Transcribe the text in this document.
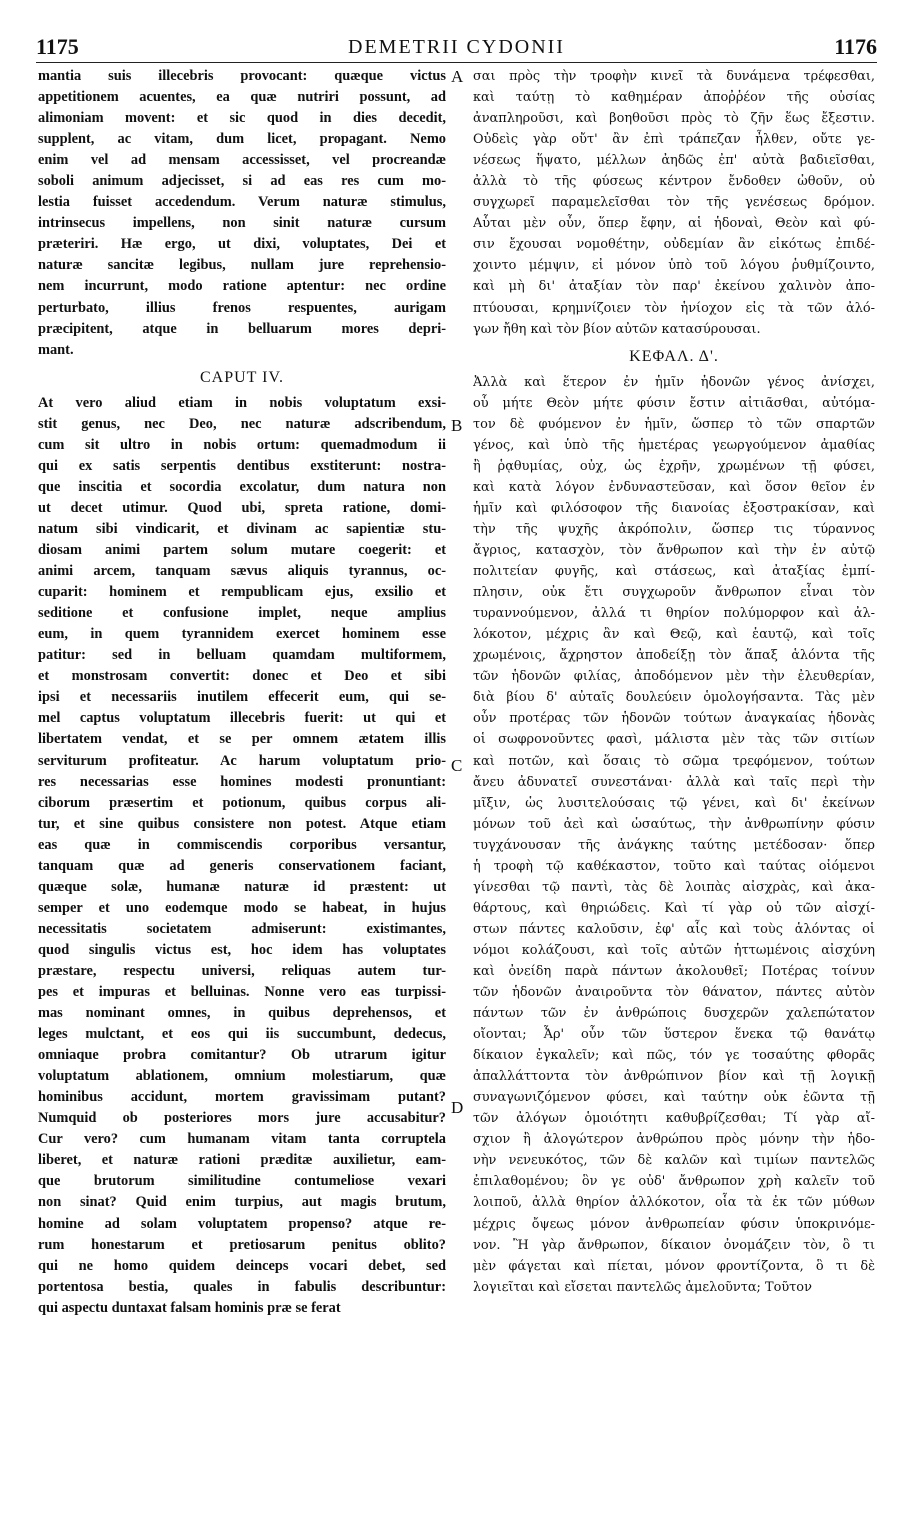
1175	DEMETRII CYDONII	1176
mantia suis illecebris provocant: quæque victus
appetitionem acuentes, ea quæ nutriri possunt, ad
alimoniam movent: et sic quod in dies decedit,
supplent, ac vitam, dum licet, propagant. Nemo
enim vel ad mensam accessisset, vel procreandæ
soboli animum adjecisset, si ad eas res cum mo-
lestia fuisset accedendum. Verum naturæ stimulus,
intrinsecus impellens, non sinit naturæ cursum
præteriri. Hæ ergo, ut dixi, voluptates, Dei et
naturæ sancitæ legibus, nullam jure reprehensio-
nem incurrunt, modo ratione aptentur: nec ordine
perturbato, illius frenos respuentes, aurigam
præcipitent, atque in belluarum mores depri-
mant.
CAPUT IV.
At vero aliud etiam in nobis voluptatum exsi-
stit genus, nec Deo, nec naturæ adscribendum,
cum sit ultro in nobis ortum: quemadmodum ii
qui ex satis serpentis dentibus exstiterunt: nostra-
que inscitia et socordia excolatur, dum natura non
ut decet utimur. Quod ubi, spreta ratione, domi-
natum sibi vindicarit, et divinam ac sapientiæ stu-
diosam animi partem solum mutare coegerit: et
animi arcem, tanquam sævus aliquis tyrannus, oc-
cuparit: hominem et rempublicam ejus, exsilio et
seditione et confusione implet, neque amplius
eum, in quem tyrannidem exercet hominem esse
patitur: sed in belluam quamdam multiformem,
et monstrosam convertit: donec et Deo et sibi
ipsi et necessariis inutilem effecerit eum, qui se-
mel captus voluptatum illecebris fuerit: ut qui et
libertatem vendat, et se per omnem ætatem illis
serviturum profiteatur. Ac harum voluptatum prio-
res necessarias esse homines modesti pronuntiant:
ciborum præsertim et potionum, quibus corpus ali-
tur, et sine quibus consistere non potest. Atque etiam
eas quæ in commiscendis corporibus versantur,
tanquam quæ ad generis conservationem faciant,
quæque solæ, humanæ naturæ id præstent: ut
semper et uno eodemque modo se habeat, in hujus
necessitatis societatem admiserunt: existimantes,
quod singulis victus est, hoc idem has voluptates
præstare, respectu universi, reliquas autem tur-
pes et impuras et belluinas. Nonne vero eas turpissi-
mas nominant omnes, in quibus deprehensos, et
leges mulctant, et eos qui iis succumbunt, dedecus,
omniaque probra comitantur? Ob utrarum igitur
voluptatum ablationem, omnium molestiarum, quæ
hominibus accidunt, mortem gravissimam putant?
Numquid ob posteriores mors jure accusabitur?
Cur vero? cum humanam vitam tanta corruptela
liberet, et naturæ rationi præditæ auxilietur, eam-
que brutorum similitudine contumeliose vexari
non sinat? Quid enim turpius, aut magis brutum,
homine ad solam voluptatem propenso? atque re-
rum honestarum et pretiosarum penitus oblito?
qui ne homo quidem deinceps vocari debet, sed
portentosa bestia, quales in fabulis describuntur:
qui aspectu duntaxat falsam hominis præ se ferat
σαι πρὸς τὴν τροφὴν κινεῖ τὰ δυνάμενα τρέφεσθαι,
καὶ ταύτῃ τὸ καθημέραν ἀποῤῥέον τῆς οὐσίας
ἀναπληροῦσι, καὶ βοηθοῦσι πρὸς τὸ ζῆν ἕως ἔξεστιν.
Οὐδεὶς γὰρ οὔτ' ἂν ἐπὶ τράπεζαν ἦλθεν, οὔτε γε-
νέσεως ἥψατο, μέλλων ἀηδῶς ἐπ' αὐτὰ βαδιεῖσθαι,
ἀλλὰ τὸ τῆς φύσεως κέντρον ἔνδοθεν ὠθοῦν, οὐ
συγχωρεῖ παραμελεῖσθαι τὸν τῆς γενέσεως δρόμον.
Αὗται μὲν οὖν, ὅπερ ἔφην, αἱ ἡδοναὶ, Θεὸν καὶ φύ-
σιν ἔχουσαι νομοθέτην, οὐδεμίαν ἂν εἰκότως ἐπιδέ-
χοιντο μέμψιν, εἰ μόνον ὑπὸ τοῦ λόγου ῥυθμίζοιντο,
καὶ μὴ δι' ἀταξίαν τὸν παρ' ἐκείνου χαλινὸν ἀπο-
πτύουσαι, κρημνίζοιεν τὸν ἡνίοχον εἰς τὰ τῶν ἀλό-
γων ἤθη καὶ τὸν βίον αὐτῶν κατασύρουσαι.
ΚΕΦΑΛ. Δ'.
Ἀλλὰ καὶ ἕτερον ἐν ἡμῖν ἡδονῶν γένος ἀνίσχει,
οὗ μήτε Θεὸν μήτε φύσιν ἔστιν αἰτιᾶσθαι, αὐτόμα-
τον δὲ φυόμενον ἐν ἡμῖν, ὥσπερ τὸ τῶν σπαρτῶν
γένος, καὶ ὑπὸ τῆς ἡμετέρας γεωργούμενον ἀμαθίας
ἢ ῥᾳθυμίας, οὐχ, ὡς ἐχρῆν, χρωμένων τῇ φύσει,
καὶ κατὰ λόγον ἐνδυναστεῦσαν, καὶ ὅσον θεῖον ἐν
ἡμῖν καὶ φιλόσοφον τῆς διανοίας ἐξοστρακίσαν, καὶ
τὴν τῆς ψυχῆς ἀκρόπολιν, ὥσπερ τις τύραννος
ἄγριος, κατασχὸν, τὸν ἄνθρωπον καὶ τὴν ἐν αὐτῷ
πολιτείαν φυγῆς, καὶ στάσεως, καὶ ἀταξίας ἐμπί-
πλησιν, οὐκ ἔτι συγχωροῦν ἄνθρωπον εἶναι τὸν
τυραννούμενον, ἀλλά τι θηρίον πολύμορφον καὶ ἀλ-
λόκοτον, μέχρις ἂν καὶ Θεῷ, καὶ ἑαυτῷ, καὶ τοῖς
χρωμένοις, ἄχρηστον ἀποδείξῃ τὸν ἅπαξ ἁλόντα τῆς
τῶν ἡδονῶν φιλίας, ἀποδόμενον μὲν τὴν ἐλευθερίαν,
διὰ βίου δ' αὐταῖς δουλεύειν ὁμολογήσαντα. Τὰς μὲν
οὖν προτέρας τῶν ἡδονῶν τούτων ἀναγκαίας ἡδονὰς
οἱ σωφρονοῦντες φασὶ, μάλιστα μὲν τὰς τῶν σιτίων
καὶ ποτῶν, καὶ ὅσαις τὸ σῶμα τρεφόμενον, τούτων
ἄνευ ἀδυνατεῖ συνεστάναι· ἀλλὰ καὶ ταῖς περὶ τὴν
μῖξιν, ὡς λυσιτελούσαις τῷ γένει, καὶ δι' ἐκείνων
μόνων τοῦ ἀεὶ καὶ ὡσαύτως, τὴν ἀνθρωπίνην φύσιν
τυγχάνουσαν τῆς ἀνάγκης ταύτης μετέδοσαν· ὅπερ
ἡ τροφὴ τῷ καθέκαστον, τοῦτο καὶ ταύτας οἰόμενοι
γίνεσθαι τῷ παντὶ, τὰς δὲ λοιπὰς αἰσχρὰς, καὶ ἀκα-
θάρτους, καὶ θηριώδεις. Καὶ τί γὰρ οὐ τῶν αἰσχί-
στων πάντες καλοῦσιν, ἐφ' αἷς καὶ τοὺς ἁλόντας οἱ
νόμοι κολάζουσι, καὶ τοῖς αὐτῶν ἡττωμένοις αἰσχύνη
καὶ ὀνείδη παρὰ πάντων ἀκολουθεῖ; Ποτέρας τοίνυν
τῶν ἡδονῶν ἀναιροῦντα τὸν θάνατον, πάντες αὐτὸν
πάντων τῶν ἐν ἀνθρώποις δυσχερῶν χαλεπώτατον
οἴονται; Ἆρ' οὖν τῶν ὕστερον ἕνεκα τῷ θανάτῳ
δίκαιον ἐγκαλεῖν; καὶ πῶς, τόν γε τοσαύτης φθορᾶς
ἀπαλλάττοντα τὸν ἀνθρώπινον βίον καὶ τῇ λογικῇ
συναγωνιζόμενον φύσει, καὶ ταύτην οὐκ ἐῶντα τῇ
τῶν ἀλόγων ὁμοιότητι καθυβρίζεσθαι; Τί γὰρ αἴ-
σχιον ἢ ἀλογώτερον ἀνθρώπου πρὸς μόνην τὴν ἡδο-
νὴν νενευκότος, τῶν δὲ καλῶν καὶ τιμίων παντελῶς
ἐπιλαθομένου; ὃν γε οὐδ' ἄνθρωπον χρὴ καλεῖν τοῦ
λοιποῦ, ἀλλὰ θηρίον ἀλλόκοτον, οἷα τὰ ἐκ τῶν μύθων
μέχρις ὄψεως μόνον ἀνθρωπείαν φύσιν ὑποκρινόμε-
νον. Ἢ γὰρ ἄνθρωπον, δίκαιον ὀνομάζειν τὸν, ὃ τι
μὲν φάγεται καὶ πίεται, μόνον φροντίζοντα, ὃ τι δὲ
λογιεῖται καὶ εἴσεται παντελῶς ἀμελοῦντα; Τοῦτον
A
B
C
D
